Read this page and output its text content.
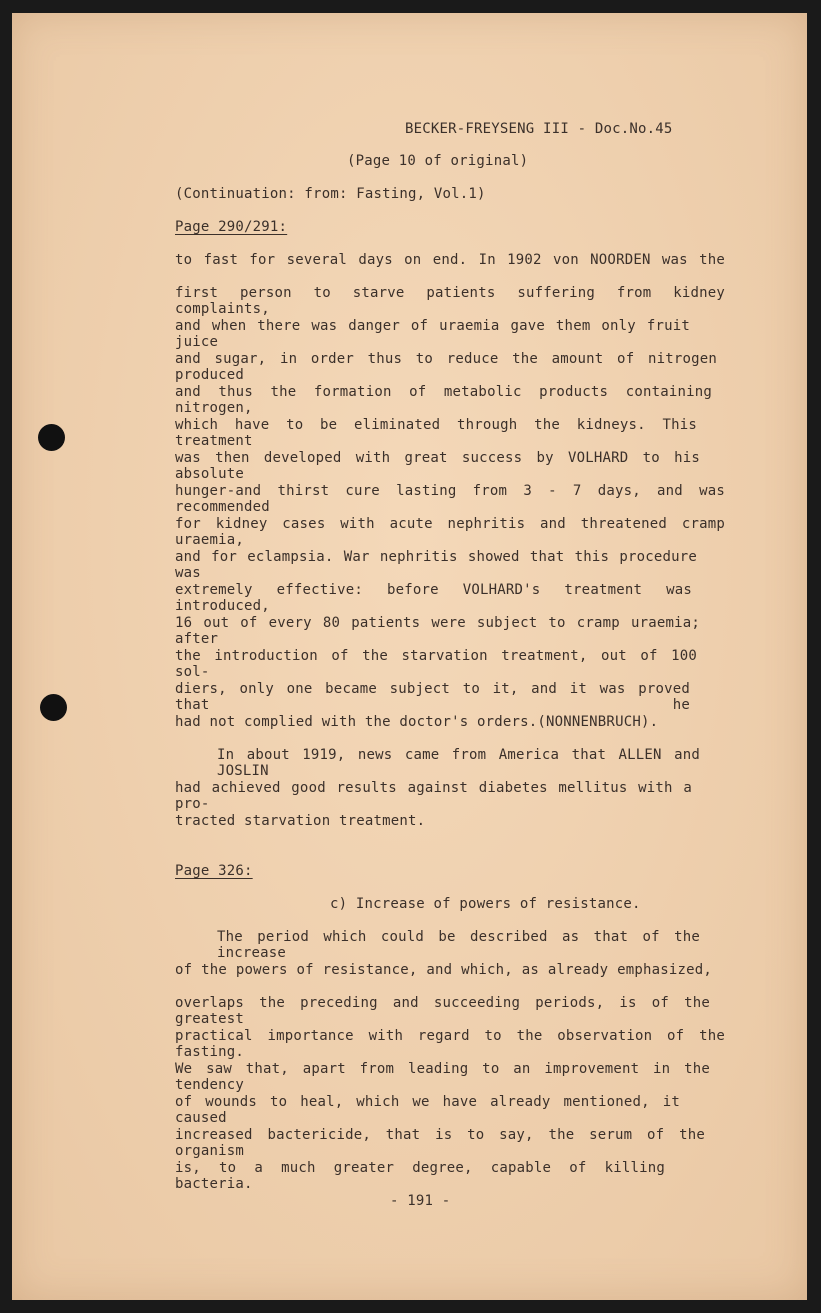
BECKER-FREYSENG III - Doc.No.45
(Page 10 of original)
(Continuation: from: Fasting, Vol.1)
Page 290/291:
to fast for several days on end. In 1902 von NOORDEN was the
first person to starve patients suffering from kidney complaints,
and when there was danger of uraemia gave them only fruit juice
and sugar, in order thus to reduce the amount of nitrogen produced
and thus the formation of metabolic products containing nitrogen,
which have to be eliminated through the kidneys. This treatment
was then developed with great success by VOLHARD to his absolute
hunger-and thirst cure lasting from 3 - 7 days, and was recommended
for kidney cases with acute nephritis and threatened cramp uraemia,
and for eclampsia. War nephritis showed that this procedure was
extremely effective: before VOLHARD's treatment was introduced,
16 out of every 80 patients were subject to cramp uraemia; after
the introduction of the starvation treatment, out of 100 sol-
diers, only one became subject to it, and it was proved that he
had not complied with the doctor's orders.(NONNENBRUCH).
In about 1919, news came from America that ALLEN and JOSLIN
had achieved good results against diabetes mellitus with a pro-
tracted starvation treatment.
Page 326:
c) Increase of powers of resistance.
The period which could be described as that of the increase
of the powers of resistance, and which, as already emphasized,
overlaps the preceding and succeeding periods, is of the greatest
practical importance with regard to the observation of the fasting.
We saw that, apart from leading to an improvement in the tendency
of wounds to heal, which we have already mentioned, it caused
increased bactericide, that is to say, the serum of the organism
is, to a much greater degree, capable of killing bacteria.
- 191 -
